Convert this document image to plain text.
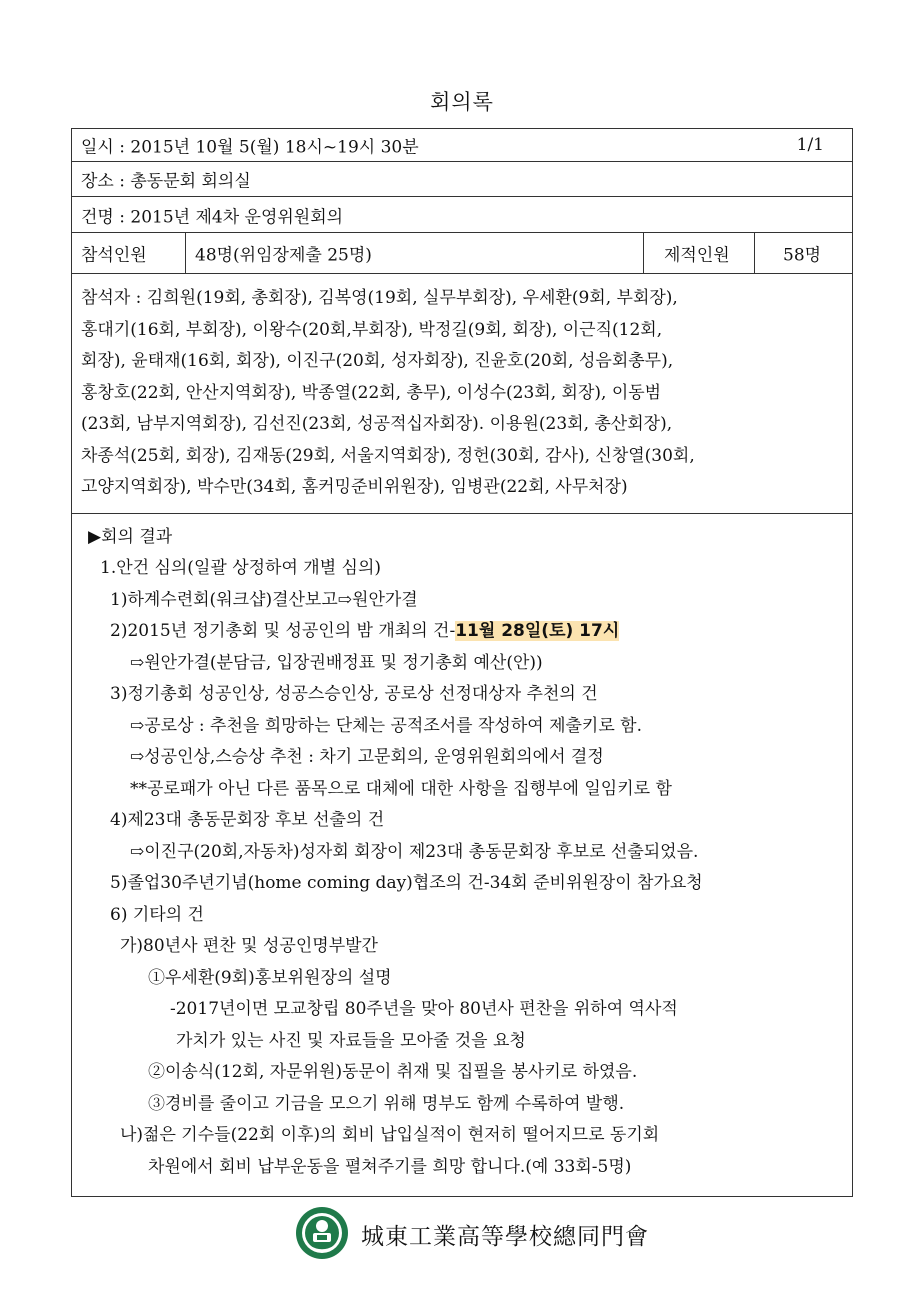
회의록
일시 : 2015년 10월 5(월) 18시~19시 30분	1/1
장소 : 총동문회 회의실
건명 : 2015년 제4차 운영위원회의
참석인원	48명(위임장제출 25명)	제적인원	58명
참석자 : 김희원(19회, 총회장), 김복영(19회, 실무부회장), 우세환(9회, 부회장),
홍대기(16회, 부회장), 이왕수(20회,부회장), 박정길(9회, 회장), 이근직(12회,
회장), 윤태재(16회, 회장), 이진구(20회, 성자회장), 진윤호(20회, 성음회총무),
홍창호(22회, 안산지역회장), 박종열(22회, 총무), 이성수(23회, 회장), 이동범
(23회, 남부지역회장), 김선진(23회, 성공적십자회장). 이용원(23회, 총산회장),
차종석(25회, 회장), 김재동(29회, 서울지역회장), 정헌(30회, 감사), 신창열(30회,
고양지역회장), 박수만(34회, 홈커밍준비위원장), 임병관(22회, 사무처장)
▶회의 결과
1.안건 심의(일괄 상정하여 개별 심의)
1)하계수련회(워크샵)결산보고⇨원안가결
2)2015년 정기총회 및 성공인의 밤 개최의 건-11월 28일(토) 17시
⇨원안가결(분담금, 입장권배정표 및 정기총회 예산(안))
3)정기총회 성공인상, 성공스승인상, 공로상 선정대상자 추천의 건
⇨공로상 : 추천을 희망하는 단체는 공적조서를 작성하여 제출키로 함.
⇨성공인상,스승상 추천 : 차기 고문회의, 운영위원회의에서 결정
**공로패가 아닌 다른 품목으로 대체에 대한 사항을 집행부에 일임키로 함
4)제23대 총동문회장 후보 선출의 건
⇨이진구(20회,자동차)성자회 회장이 제23대 총동문회장 후보로 선출되었음.
5)졸업30주년기념(home coming day)협조의 건-34회 준비위원장이 참가요청
6) 기타의 건
가)80년사 편찬 및 성공인명부발간
①우세환(9회)홍보위원장의 설명
-2017년이면 모교창립 80주년을 맞아 80년사 편찬을 위하여 역사적
가치가 있는 사진 및 자료들을 모아줄 것을 요청
②이송식(12회, 자문위원)동문이 취재 및 집필을 봉사키로 하였음.
③경비를 줄이고 기금을 모으기 위해 명부도 함께 수록하여 발행.
나)젊은 기수들(22회 이후)의 회비 납입실적이 현저히 떨어지므로 동기회
차원에서 회비 납부운동을 펼쳐주기를 희망 합니다.(예 33회-5명)
城東工業高等學校總同門會
